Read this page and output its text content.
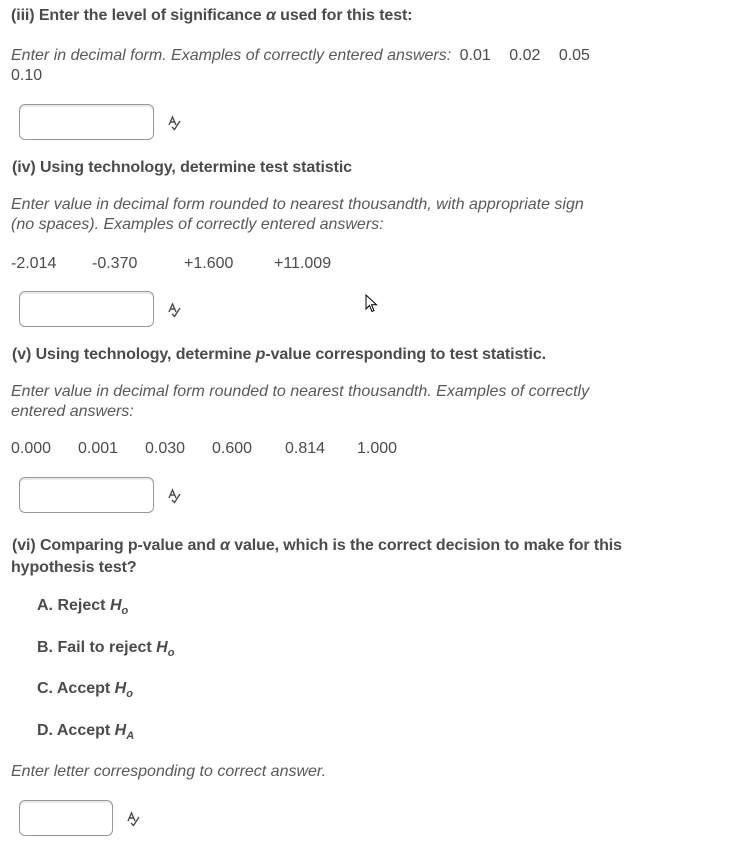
(iii) Enter the level of significance α used for this test:
Enter in decimal form. Examples of correctly entered answers: 0.01 0.02 0.05
0.10
(iv) Using technology, determine test statistic
Enter value in decimal form rounded to nearest thousandth, with appropriate sign
(no spaces). Examples of correctly entered answers:
-2.014 -0.370	+1.600	+11.009
(v) Using technology, determine p-value corresponding to test statistic.
Enter value in decimal form rounded to nearest thousandth. Examples of correctly
entered answers:
0.000 0.001 0.030 0.600 0.814 1.000
(vi) Comparing p-value and α value, which is the correct decision to make for this
hypothesis test?
A. Reject $H_o$
B. Fail to reject $H_o$
C. Accept $H_o$
D. Accept $H_A$
Enter letter corresponding to correct answer.
